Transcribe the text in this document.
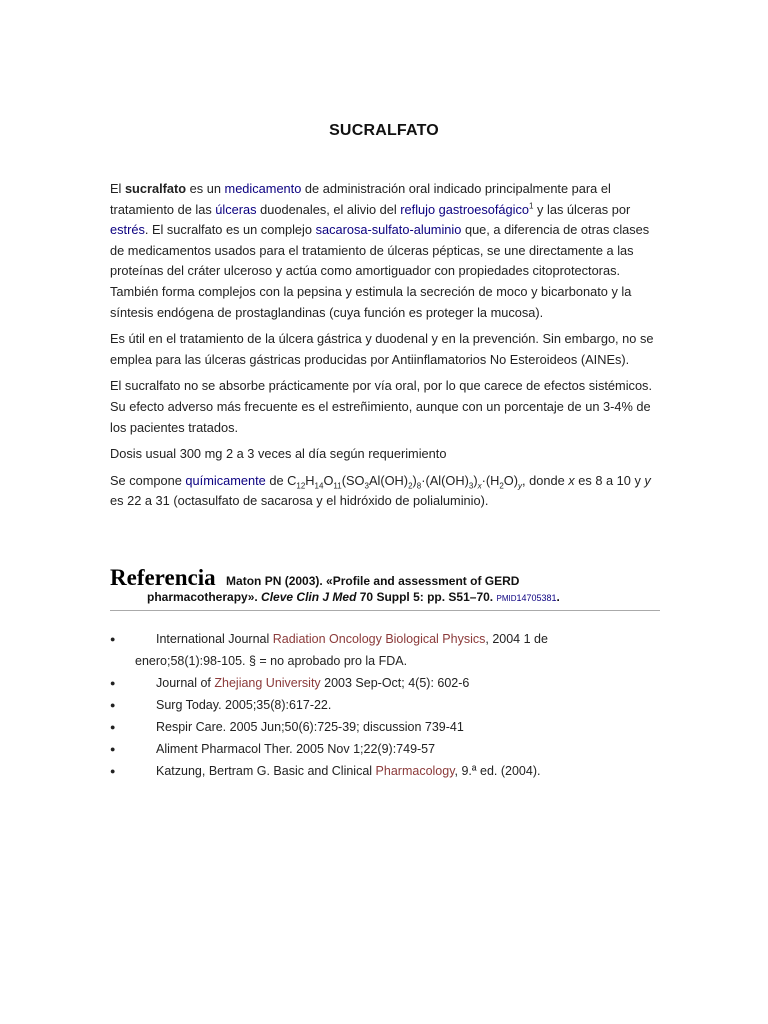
SUCRALFATO

El sucralfato es un medicamento de administración oral indicado principalmente para el tratamiento de las úlceras duodenales, el alivio del reflujo gastroesofágico$^1$ y las úlceras por estrés. El sucralfato es un complejo sacarosa-sulfato-aluminio que, a diferencia de otras clases de medicamentos usados para el tratamiento de úlceras pépticas, se une directamente a las proteínas del cráter ulceroso y actúa como amortiguador con propiedades citoprotectoras. También forma complejos con la pepsina y estimula la secreción de moco y bicarbonato y la síntesis endógena de prostaglandinas (cuya función es proteger la mucosa).

Es útil en el tratamiento de la úlcera gástrica y duodenal y en la prevención. Sin embargo, no se emplea para las úlceras gástricas producidas por Antiinflamatorios No Esteroideos (AINEs).

El sucralfato no se absorbe prácticamente por vía oral, por lo que carece de efectos sistémicos. Su efecto adverso más frecuente es el estreñimiento, aunque con un porcentaje de un 3-4% de los pacientes tratados.

Dosis usual 300 mg 2 a 3 veces al día según requerimiento

Se compone químicamente de $C_{12}H_{14}O_{11}(SO_3Al(OH)_2)_8\cdot(Al(OH)_3)_x\cdot(H_2O)_y$, donde x es 8 a 10 y y es 22 a 31 (octasulfato de sacarosa y el hidróxido de polialuminio).

Referencia Maton PN (2003). «Profile and assessment of GERD
pharmacotherapy». Cleve Clin J Med 70 Suppl 5: pp. S51–70. PMID14705381.
●	International Journal Radiation Oncology Biological Physics, 2004 1 de
enero;58(1):98-105. § = no aprobado pro la FDA.
●	Journal of Zhejiang University 2003 Sep-Oct; 4(5): 602-6
●	Surg Today. 2005;35(8):617-22.
●	Respir Care. 2005 Jun;50(6):725-39; discussion 739-41
●	Aliment Pharmacol Ther. 2005 Nov 1;22(9):749-57
●	Katzung, Bertram G. Basic and Clinical Pharmacology, 9.ª ed. (2004).
